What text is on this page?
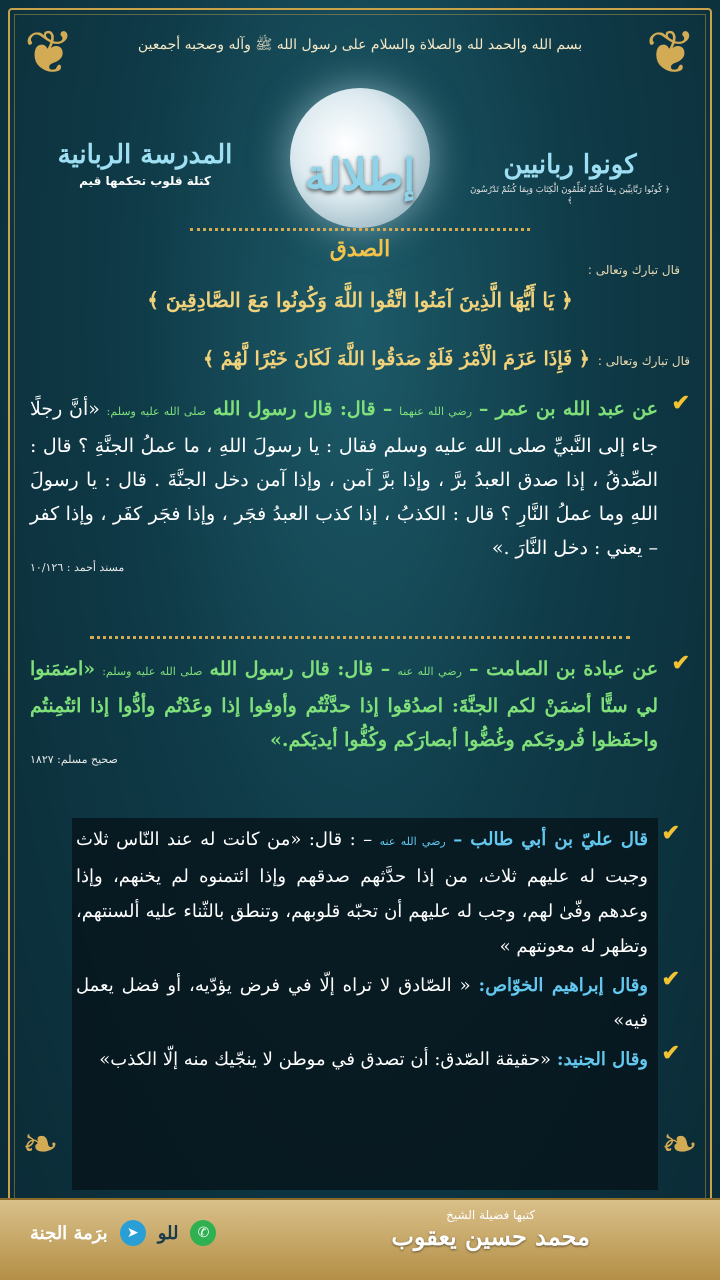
❦	❦
❧	❧
بسم الله والحمد لله والصلاة والسلام على رسول الله ﷺ وآله وصحبه أجمعين
إطلالة
المدرسة الربانية
كتلة قلوب تحكمها قيم
كونوا ربانيين
﴿ كُونُوا رَبَّانِيِّينَ بِمَا كُنتُمْ تُعَلِّمُونَ الْكِتَابَ وَبِمَا كُنتُمْ تَدْرُسُونَ ﴾
الصدق
قال تبارك وتعالى :
﴿ يَا أَيُّهَا الَّذِينَ آمَنُوا اتَّقُوا اللَّهَ وَكُونُوا مَعَ الصَّادِقِينَ ﴾
قال تبارك وتعالى :
﴿ فَإِذَا عَزَمَ الْأَمْرُ فَلَوْ صَدَقُوا اللَّهَ لَكَانَ خَيْرًا لَّهُمْ ﴾
✔
عن عبد الله بن عمر – رضي الله عنهما – قال: قال رسول الله صلى الله عليه وسلم: «أنَّ رجلًا جاء إلى النَّبيِّ صلى الله عليه وسلم فقال : يا رسولَ اللهِ ، ما عملُ الجنَّةِ ؟ قال : الصِّدقُ ، إذا صدق العبدُ برَّ ، وإذا برَّ آمن ، وإذا آمن دخل الجنَّةَ . قال : يا رسولَ اللهِ وما عملُ النَّارِ ؟ قال : الكذبُ ، إذا كذب العبدُ فجَر ، وإذا فجَر كفَر ، وإذا كفر – يعني : دخل النَّارَ .»
مسند أحمد : ١٠/١٢٦
✔
عن عبادة بن الصامت – رضي الله عنه – قال: قال رسول الله صلى الله عليه وسلم: «اضمَنوا لي ستًّا أضمَنْ لكم الجنَّةَ: اصدُقوا إذا حدَّثْتُم وأوفوا إذا وعَدْتُم وأدُّوا إذا ائتُمِنتُم واحفَظوا فُروجَكم وغُضُّوا أبصارَكم وكُفُّوا أيديَكم.»
صحيح مسلم: ١٨٢٧
✔
قال عليّ بن أبي طالب – رضي الله عنه – : قال: «من كانت له عند النّاس ثلاث وجبت له عليهم ثلاث، من إذا حدَّثهم صدقهم وإذا ائتمنوه لم يخنهم، وإذا وعدهم وفّىٰ لهم، وجب له عليهم أن تحبّه قلوبهم، وتنطق بالثّناء عليه ألسنتهم، وتظهر له معونتهم »
✔
وقال إبراهيم الخوّاص: « الصّادق لا تراه إلّا في فرض يؤدّيه، أو فضل يعمل فيه»
✔
وقال الجنيد: «حقيقة الصّدق: أن تصدق في موطن لا ينجّيك منه إلّا الكذب»
كتبها فضيلة الشيخ
محمد حسين يعقوب
برَمة الجنة	➤	للو	✆
